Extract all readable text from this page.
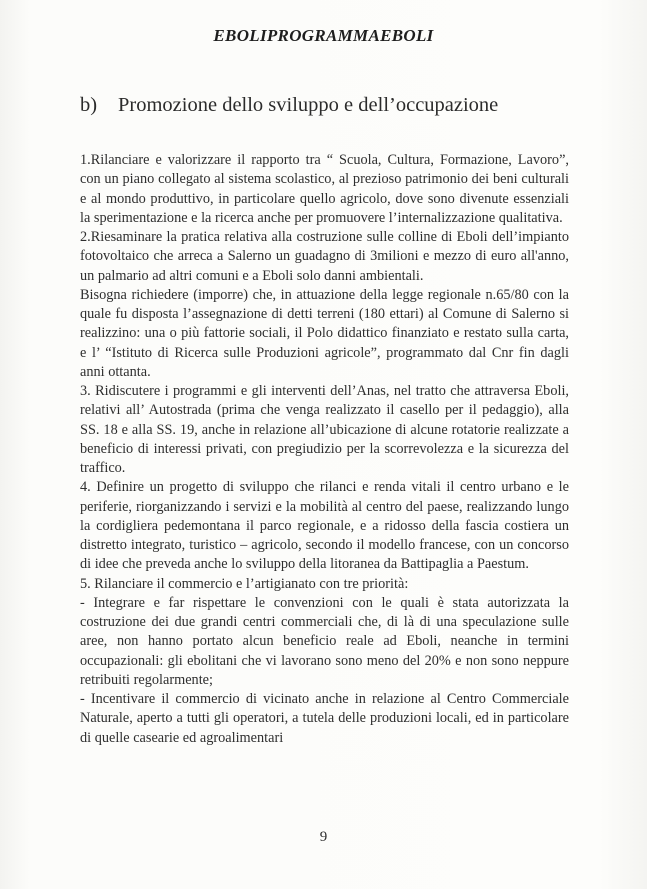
EBOLIPROGRAMMAEBOLI
b) Promozione dello sviluppo e dell’occupazione

1.Rilanciare e valorizzare il rapporto tra “ Scuola, Cultura, Formazione, Lavoro”, con un piano collegato al sistema scolastico, al prezioso patrimonio dei beni culturali e al mondo produttivo, in particolare quello agricolo, dove sono divenute essenziali la sperimentazione e la ricerca anche per promuovere l’internalizzazione qualitativa.

2.Riesaminare la pratica relativa alla costruzione sulle colline di Eboli dell’impianto fotovoltaico che arreca a Salerno un guadagno di 3milioni e mezzo di euro all'anno, un palmario ad altri comuni e a Eboli solo danni ambientali.

Bisogna richiedere (imporre) che, in attuazione della legge regionale n.65/80 con la quale fu disposta l’assegnazione di detti terreni (180 ettari) al Comune di Salerno si realizzino: una o più fattorie sociali, il Polo didattico finanziato e restato sulla carta, e l’ “Istituto di Ricerca sulle Produzioni agricole”, programmato dal Cnr fin dagli anni ottanta.

3. Ridiscutere i programmi e gli interventi dell’Anas, nel tratto che attraversa Eboli, relativi all’ Autostrada (prima che venga realizzato il casello per il pedaggio), alla SS. 18 e alla SS. 19, anche in relazione all’ubicazione di alcune rotatorie realizzate a beneficio di interessi privati, con pregiudizio per la scorrevolezza e la sicurezza del traffico.

4. Definire un progetto di sviluppo che rilanci e renda vitali il centro urbano e le periferie, riorganizzando i servizi e la mobilità al centro del paese, realizzando lungo la cordigliera pedemontana il parco regionale, e a ridosso della fascia costiera un distretto integrato, turistico – agricolo, secondo il modello francese, con un concorso di idee che preveda anche lo sviluppo della litoranea da Battipaglia a Paestum.

5. Rilanciare il commercio e l’artigianato con tre priorità:

- Integrare e far rispettare le convenzioni con le quali è stata autorizzata la costruzione dei due grandi centri commerciali che, di là di una speculazione sulle aree, non hanno portato alcun beneficio reale ad Eboli, neanche in termini occupazionali: gli ebolitani che vi lavorano sono meno del 20% e non sono neppure retribuiti regolarmente;

- Incentivare il commercio di vicinato anche in relazione al Centro Commerciale Naturale, aperto a tutti gli operatori, a tutela delle produzioni locali, ed in particolare di quelle casearie ed agroalimentari

9
